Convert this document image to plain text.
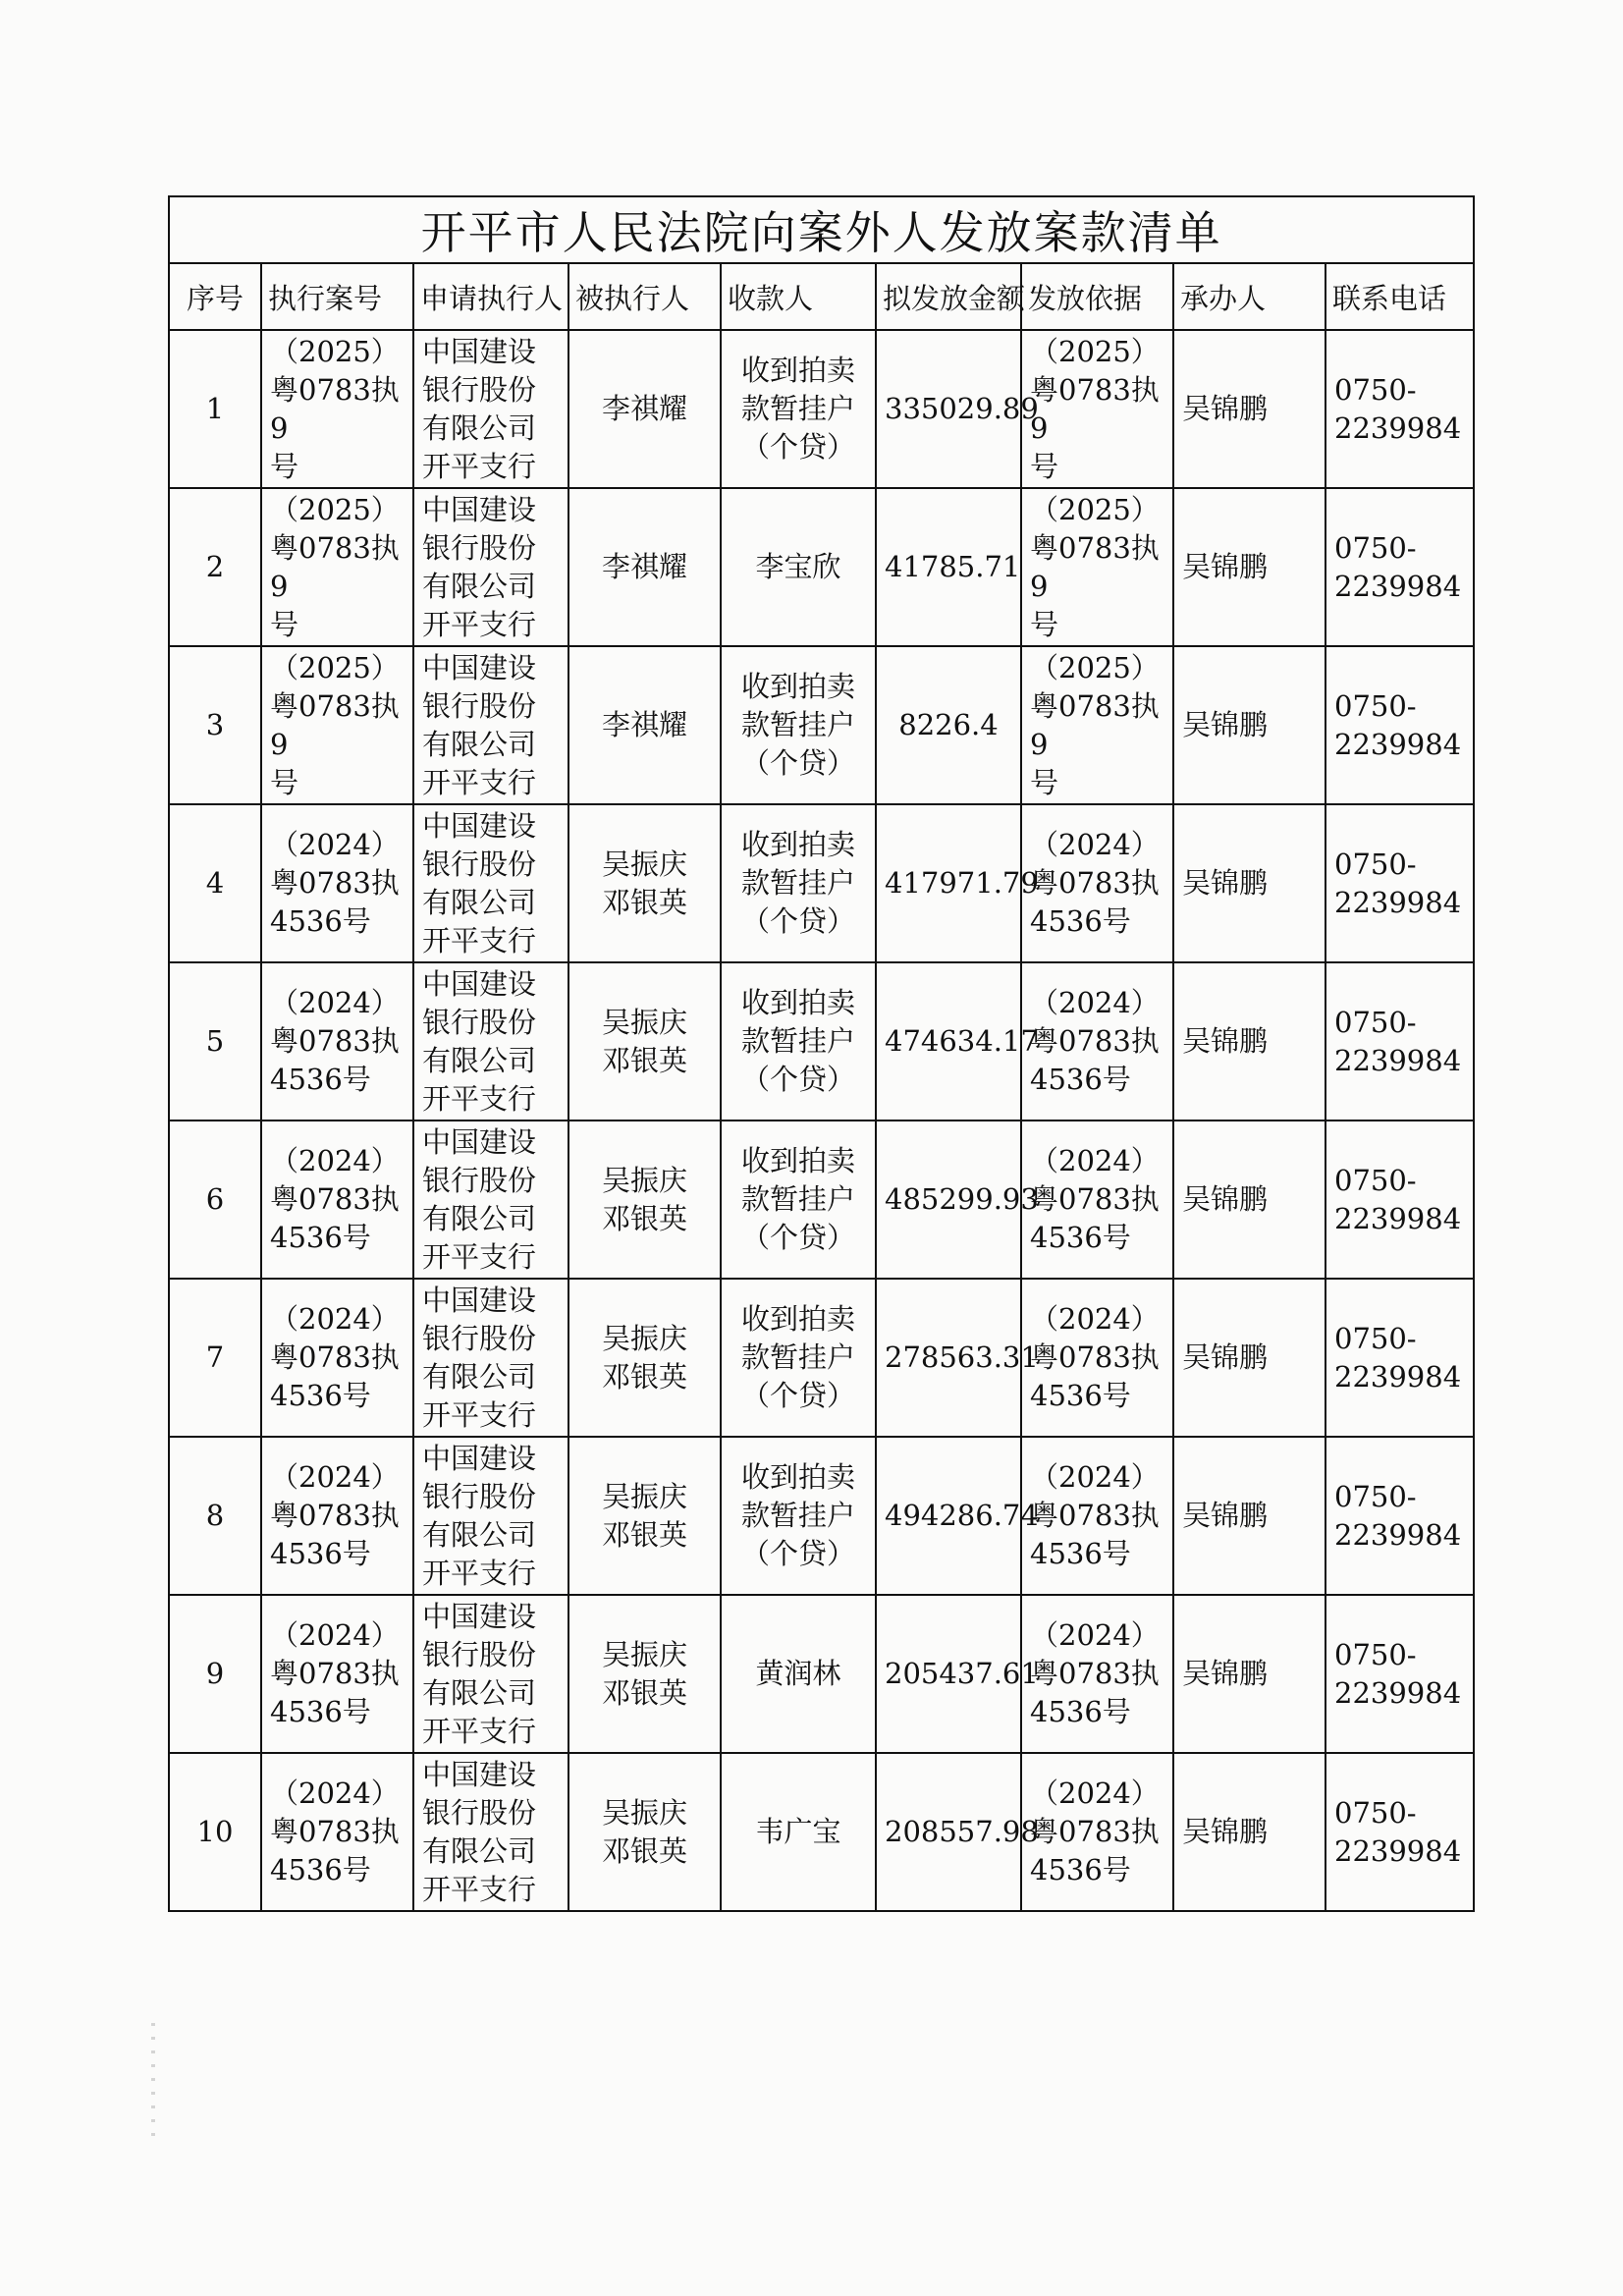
开平市人民法院向案外人发放案款清单								
序号	执行案号	申请执行人	被执行人	收款人	拟发放金额	发放依据	承办人	联系电话
1	（2025）
粤0783执9
号	中国建设
银行股份
有限公司
开平支行	李祺耀	收到拍卖
款暂挂户
（个贷）	335029.89	（2025）
粤0783执9
号	吴锦鹏	0750-
2239984
2	（2025）
粤0783执9
号	中国建设
银行股份
有限公司
开平支行	李祺耀	李宝欣	41785.71	（2025）
粤0783执9
号	吴锦鹏	0750-
2239984
3	（2025）
粤0783执9
号	中国建设
银行股份
有限公司
开平支行	李祺耀	收到拍卖
款暂挂户
（个贷）	8226.4	（2025）
粤0783执9
号	吴锦鹏	0750-
2239984
4	（2024）
粤0783执
4536号	中国建设
银行股份
有限公司
开平支行	吴振庆
邓银英	收到拍卖
款暂挂户
（个贷）	417971.79	（2024）
粤0783执
4536号	吴锦鹏	0750-
2239984
5	（2024）
粤0783执
4536号	中国建设
银行股份
有限公司
开平支行	吴振庆
邓银英	收到拍卖
款暂挂户
（个贷）	474634.17	（2024）
粤0783执
4536号	吴锦鹏	0750-
2239984
6	（2024）
粤0783执
4536号	中国建设
银行股份
有限公司
开平支行	吴振庆
邓银英	收到拍卖
款暂挂户
（个贷）	485299.93	（2024）
粤0783执
4536号	吴锦鹏	0750-
2239984
7	（2024）
粤0783执
4536号	中国建设
银行股份
有限公司
开平支行	吴振庆
邓银英	收到拍卖
款暂挂户
（个贷）	278563.31	（2024）
粤0783执
4536号	吴锦鹏	0750-
2239984
8	（2024）
粤0783执
4536号	中国建设
银行股份
有限公司
开平支行	吴振庆
邓银英	收到拍卖
款暂挂户
（个贷）	494286.74	（2024）
粤0783执
4536号	吴锦鹏	0750-
2239984
9	（2024）
粤0783执
4536号	中国建设
银行股份
有限公司
开平支行	吴振庆
邓银英	黄润林	205437.61	（2024）
粤0783执
4536号	吴锦鹏	0750-
2239984
10	（2024）
粤0783执
4536号	中国建设
银行股份
有限公司
开平支行	吴振庆
邓银英	韦广宝	208557.98	（2024）
粤0783执
4536号	吴锦鹏	0750-
2239984
